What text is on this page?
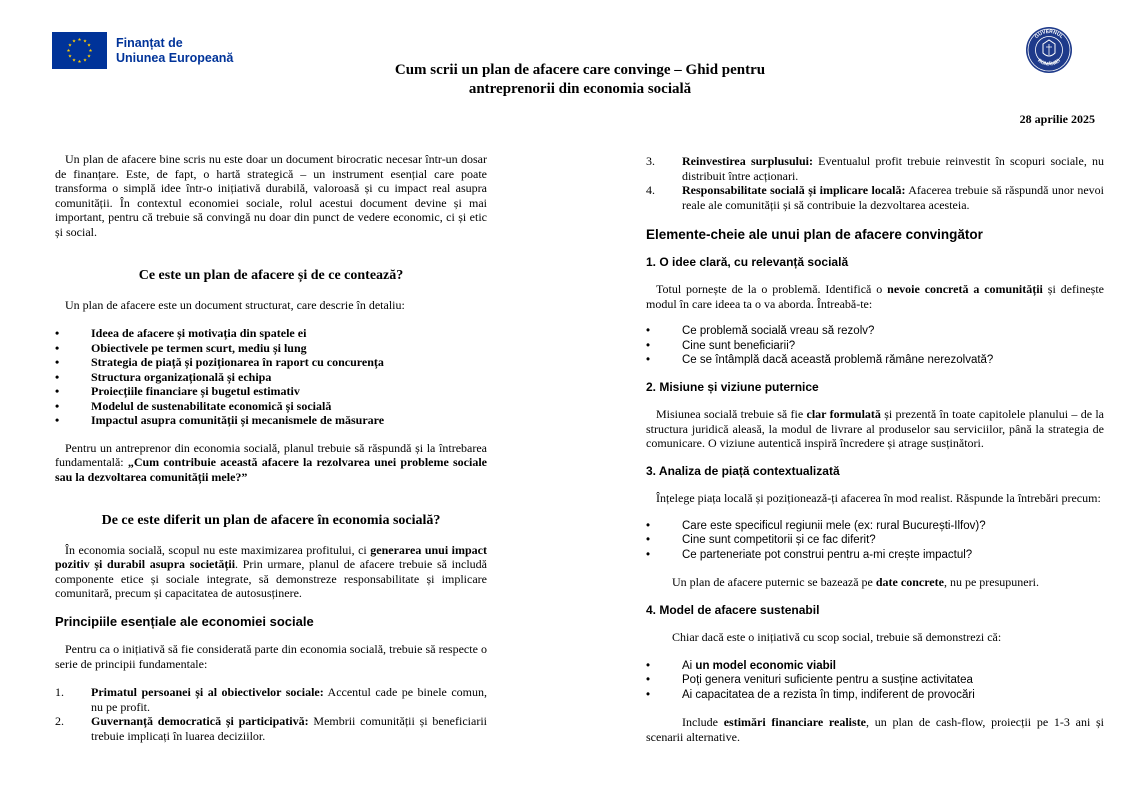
Finanțat de
Uniunea Europeană
GUVERNUL
ROMÂNIEI
Cum scrii un plan de afacere care convinge – Ghid pentru
antreprenorii din economia socială
28 aprilie 2025

Un plan de afacere bine scris nu este doar un document birocratic necesar într-un dosar de finanțare. Este, de fapt, o hartă strategică – un instrument esențial care poate transforma o simplă idee într-o inițiativă durabilă, valoroasă și cu impact real asupra comunității. În contextul economiei sociale, rolul acestui document devine și mai important, pentru că trebuie să convingă nu doar din punct de vedere economic, ci și etic și social.

Ce este un plan de afacere și de ce contează?

Un plan de afacere este un document structurat, care descrie în detaliu:

• Ideea de afacere și motivația din spatele ei
• Obiectivele pe termen scurt, mediu și lung
• Strategia de piață și poziționarea în raport cu concurența
• Structura organizațională și echipa
• Proiecțiile financiare și bugetul estimativ
• Modelul de sustenabilitate economică și socială
• Impactul asupra comunității și mecanismele de măsurare

Pentru un antreprenor din economia socială, planul trebuie să răspundă și la întrebarea fundamentală: „Cum contribuie această afacere la rezolvarea unei probleme sociale sau la dezvoltarea comunității mele?”

De ce este diferit un plan de afacere în economia socială?

În economia socială, scopul nu este maximizarea profitului, ci generarea unui impact pozitiv și durabil asupra societății. Prin urmare, planul de afacere trebuie să includă componente etice și sociale integrate, să demonstreze responsabilitate și implicare comunitară, precum și capacitatea de autosusținere.

Principiile esențiale ale economiei sociale

Pentru ca o inițiativă să fie considerată parte din economia socială, trebuie să respecte o serie de principii fundamentale:

1. Primatul persoanei și al obiectivelor sociale: Accentul cade pe binele comun, nu pe profit.
2. Guvernanță democratică și participativă: Membrii comunității și beneficiarii trebuie implicați în luarea deciziilor.
3. Reinvestirea surplusului: Eventualul profit trebuie reinvestit în scopuri sociale, nu distribuit între acționari.
4. Responsabilitate socială și implicare locală: Afacerea trebuie să răspundă unor nevoi reale ale comunității și să contribuie la dezvoltarea acesteia.

Elemente-cheie ale unui plan de afacere convingător

1. O idee clară, cu relevanță socială

Totul pornește de la o problemă. Identifică o nevoie concretă a comunității și definește modul în care ideea ta o va aborda. Întreabă-te:

• Ce problemă socială vreau să rezolv?
• Cine sunt beneficiarii?
• Ce se întâmplă dacă această problemă rămâne nerezolvată?

2. Misiune și viziune puternice

Misiunea socială trebuie să fie clar formulată și prezentă în toate capitolele planului – de la structura juridică aleasă, la modul de livrare al produselor sau serviciilor, până la strategia de comunicare. O viziune autentică inspiră încredere și atrage susținători.

3. Analiza de piață contextualizată

Înțelege piața locală și poziționează-ți afacerea în mod realist. Răspunde la întrebări precum:

• Care este specificul regiunii mele (ex: rural București-Ilfov)?
• Cine sunt competitorii și ce fac diferit?
• Ce parteneriate pot construi pentru a-mi crește impactul?

Un plan de afacere puternic se bazează pe date concrete, nu pe presupuneri.

4. Model de afacere sustenabil

Chiar dacă este o inițiativă cu scop social, trebuie să demonstrezi că:

• Ai un model economic viabil
• Poți genera venituri suficiente pentru a susține activitatea
• Ai capacitatea de a rezista în timp, indiferent de provocări

Include estimări financiare realiste, un plan de cash-flow, proiecții pe 1-3 ani și scenarii alternative.
